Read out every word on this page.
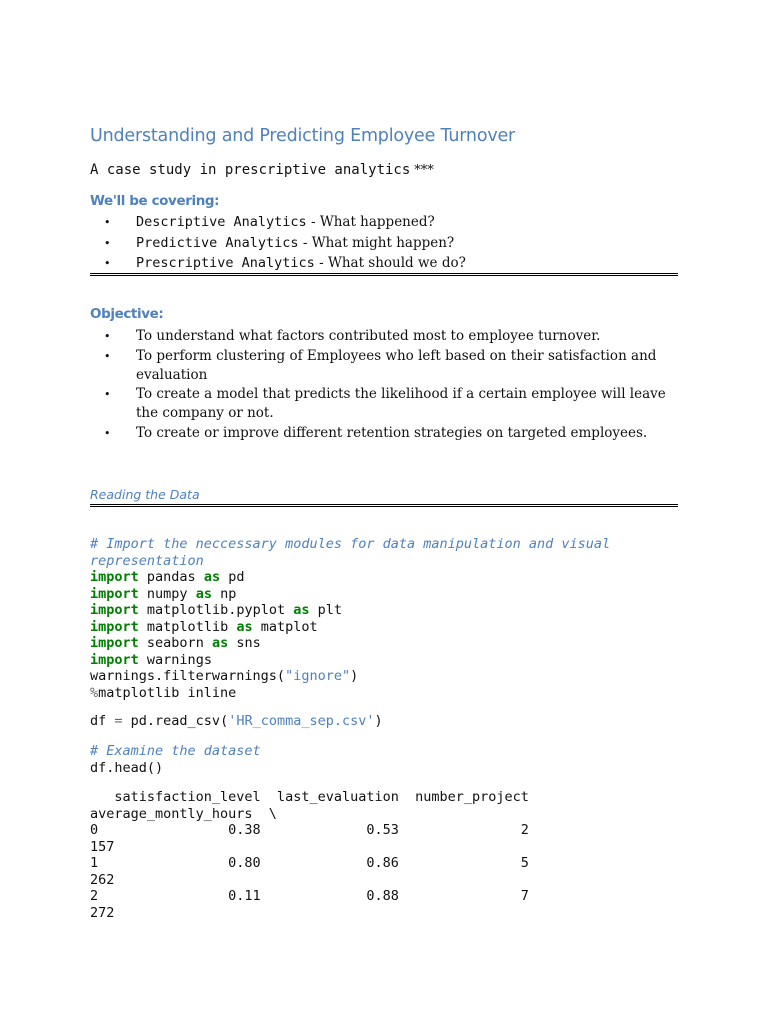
Understanding and Predicting Employee Turnover
A case study in prescriptive analytics ***
We'll be covering:
• Descriptive Analytics - What happened?
• Predictive Analytics - What might happen?
• Prescriptive Analytics - What should we do?
Objective:
• To understand what factors contributed most to employee turnover.
• To perform clustering of Employees who left based on their satisfaction and evaluation
• To create a model that predicts the likelihood if a certain employee will leave the company or not.
• To create or improve different retention strategies on targeted employees.
Reading the Data
# Import the neccessary modules for data manipulation and visual
representation
import pandas as pd
import numpy as np
import matplotlib.pyplot as plt
import matplotlib as matplot
import seaborn as sns
import warnings
warnings.filterwarnings("ignore")
%matplotlib inline
df = pd.read_csv('HR_comma_sep.csv')
# Examine the dataset
df.head()
satisfaction_level  last_evaluation  number_project
average_montly_hours  \
0                0.38             0.53               2
157
1                0.80             0.86               5
262
2                0.11             0.88               7
272
